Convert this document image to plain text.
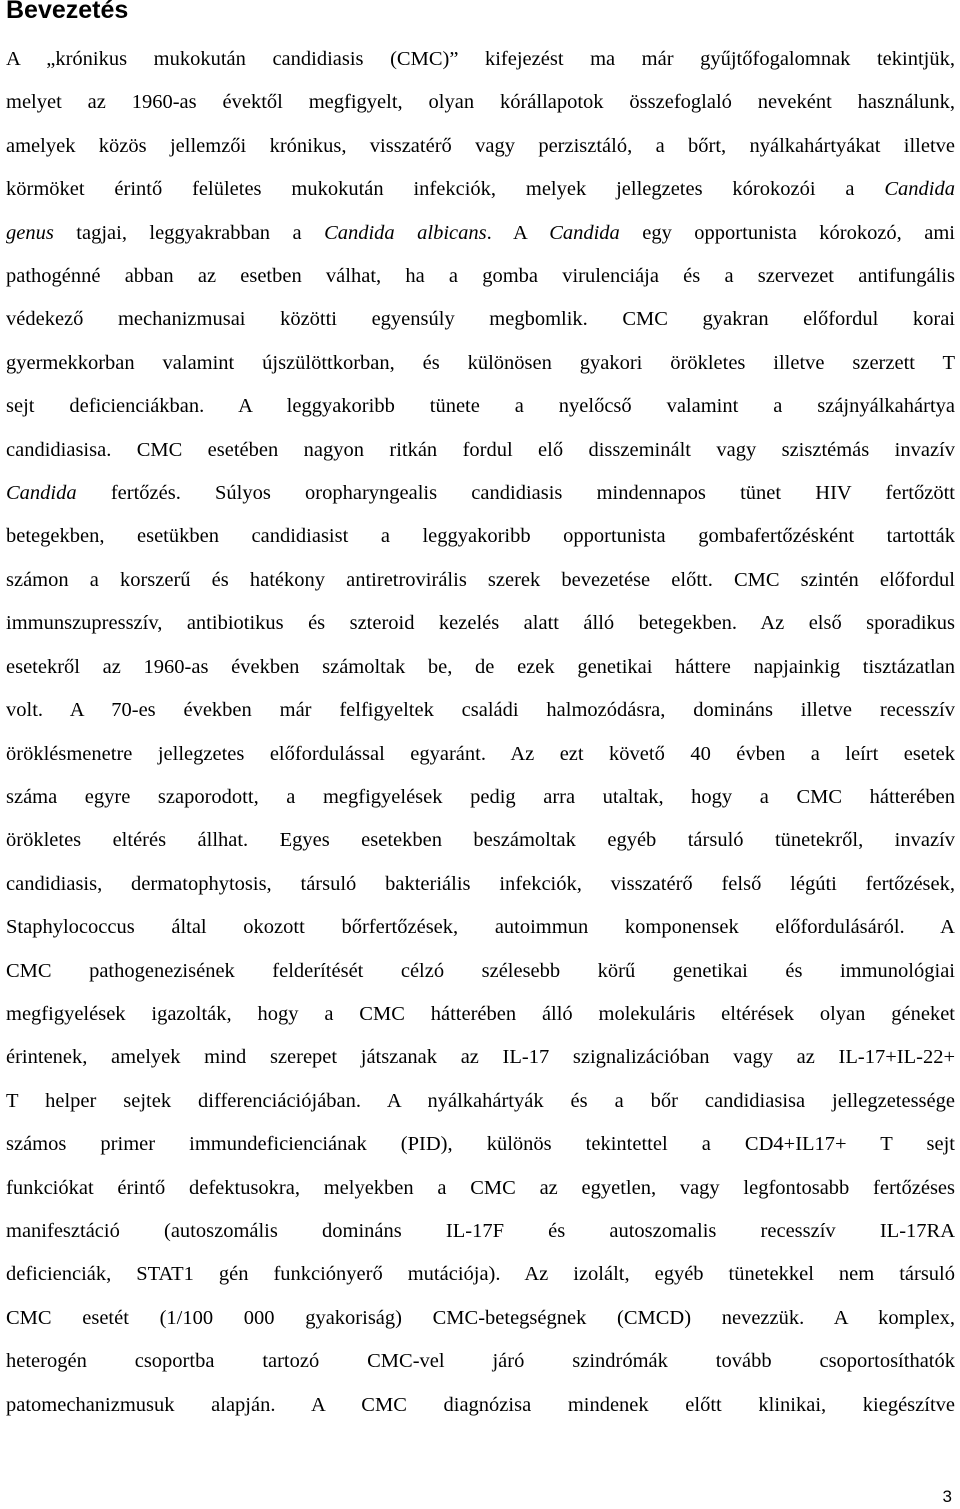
Bevezetés
A „krónikus mukokután candidiasis (CMC)” kifejezést ma már gyűjtőfogalomnak tekintjük,
melyet az 1960-as évektől megfigyelt, olyan kórállapotok összefoglaló neveként használunk,
amelyek közös jellemzői krónikus, visszatérő vagy perzisztáló, a bőrt, nyálkahártyákat illetve
körmöket érintő felületes mukokután infekciók, melyek jellegzetes kórokozói a Candida
genus tagjai, leggyakrabban a Candida albicans. A Candida egy opportunista kórokozó, ami
pathogénné abban az esetben válhat, ha a gomba virulenciája és a szervezet antifungális
védekező mechanizmusai közötti egyensúly megbomlik. CMC gyakran előfordul korai
gyermekkorban valamint újszülöttkorban, és különösen gyakori örökletes illetve szerzett T
sejt deficienciákban. A leggyakoribb tünete a nyelőcső valamint a szájnyálkahártya
candidiasisa. CMC esetében nagyon ritkán fordul elő disszeminált vagy szisztémás invazív
Candida fertőzés. Súlyos oropharyngealis candidiasis mindennapos tünet HIV fertőzött
betegekben, esetükben candidiasist a leggyakoribb opportunista gombafertőzésként tartották
számon a korszerű és hatékony antiretrovirális szerek bevezetése előtt. CMC szintén előfordul
immunszupresszív, antibiotikus és szteroid kezelés alatt álló betegekben. Az első sporadikus
esetekről az 1960-as években számoltak be, de ezek genetikai háttere napjainkig tisztázatlan
volt. A 70-es években már felfigyeltek családi halmozódásra, domináns illetve recesszív
öröklésmenetre jellegzetes előfordulással egyaránt. Az ezt követő 40 évben a leírt esetek
száma egyre szaporodott, a megfigyelések pedig arra utaltak, hogy a CMC hátterében
örökletes eltérés állhat. Egyes esetekben beszámoltak egyéb társuló tünetekről, invazív
candidiasis, dermatophytosis, társuló bakteriális infekciók, visszatérő felső légúti fertőzések,
Staphylococcus által okozott bőrfertőzések, autoimmun komponensek előfordulásáról. A
CMC pathogenezisének felderítését célzó szélesebb körű genetikai és immunológiai
megfigyelések igazolták, hogy a CMC hátterében álló molekuláris eltérések olyan géneket
érintenek, amelyek mind szerepet játszanak az IL-17 szignalizációban vagy az IL-17+IL-22+
T helper sejtek differenciációjában. A nyálkahártyák és a bőr candidiasisa jellegzetessége
számos primer immundeficienciának (PID), különös tekintettel a CD4+IL17+ T sejt
funkciókat érintő defektusokra, melyekben a CMC az egyetlen, vagy legfontosabb fertőzéses
manifesztáció (autoszomális domináns IL-17F és autoszomalis recesszív IL-17RA
deficienciák, STAT1 gén funkciónyerő mutációja). Az izolált, egyéb tünetekkel nem társuló
CMC esetét (1/100 000 gyakoriság) CMC-betegségnek (CMCD) nevezzük. A komplex,
heterogén csoportba tartozó CMC-vel járó szindrómák tovább csoportosíthatók
patomechanizmusuk alapján. A CMC diagnózisa mindenek előtt klinikai, kiegészítve
3
